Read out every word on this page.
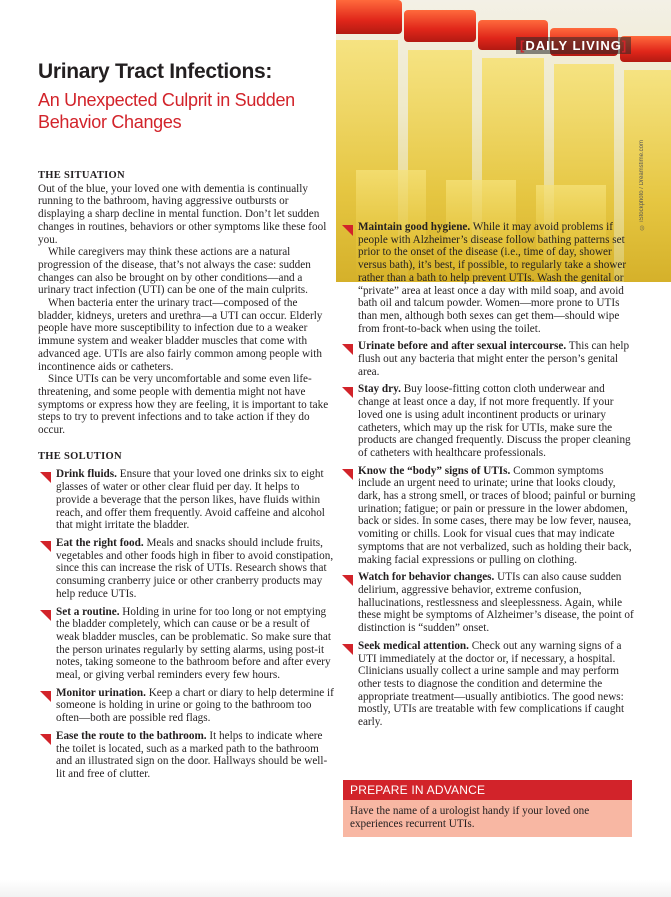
© iStockphoto / Dreamstime.com
[DAILY LIVING]
Urinary Tract Infections:
An Unexpected Culprit in Sudden Behavior Changes

THE SITUATION

Out of the blue, your loved one with dementia is continually running to the bathroom, having aggressive outbursts or displaying a sharp decline in mental function. Don’t let sudden changes in routines, behaviors or other symptoms like these fool you.

While caregivers may think these actions are a natural progression of the disease, that’s not always the case: sudden changes can also be brought on by other conditions—and a urinary tract infection (UTI) can be one of the main culprits.

When bacteria enter the urinary tract—composed of the bladder, kidneys, ureters and urethra—a UTI can occur. Elderly people have more susceptibility to infection due to a weaker immune system and weaker bladder muscles that come with advanced age. UTIs are also fairly common among people with incontinence aids or catheters.

Since UTIs can be very uncomfortable and some even life-threatening, and some people with dementia might not have symptoms or express how they are feeling, it is important to take steps to try to prevent infections and to take action if they do occur.

THE SOLUTION

Drink fluids. Ensure that your loved one drinks six to eight glasses of water or other clear fluid per day. It helps to provide a beverage that the person likes, have fluids within reach, and offer them frequently. Avoid caffeine and alcohol that might irritate the bladder.
Eat the right food. Meals and snacks should include fruits, vegetables and other foods high in fiber to avoid constipation, since this can increase the risk of UTIs. Research shows that consuming cranberry juice or other cranberry products may help reduce UTIs.
Set a routine. Holding in urine for too long or not emptying the bladder completely, which can cause or be a result of weak bladder muscles, can be problematic. So make sure that the person urinates regularly by setting alarms, using post-it notes, taking someone to the bathroom before and after every meal, or giving verbal reminders every few hours.
Monitor urination. Keep a chart or diary to help determine if someone is holding in urine or going to the bathroom too often—both are possible red flags.
Ease the route to the bathroom. It helps to indicate where the toilet is located, such as a marked path to the bathroom and an illustrated sign on the door. Hallways should be well-lit and free of clutter.
Maintain good hygiene. While it may avoid problems if people with Alzheimer’s disease follow bathing patterns set prior to the onset of the disease (i.e., time of day, shower versus bath), it’s best, if possible, to regularly take a shower rather than a bath to help prevent UTIs. Wash the genital or “private” area at least once a day with mild soap, and avoid bath oil and talcum powder. Women—more prone to UTIs than men, although both sexes can get them—should wipe from front-to-back when using the toilet.
Urinate before and after sexual intercourse. This can help flush out any bacteria that might enter the person’s genital area.
Stay dry. Buy loose-fitting cotton cloth underwear and change at least once a day, if not more frequently. If your loved one is using adult incontinent products or urinary catheters, which may up the risk for UTIs, make sure the products are changed frequently. Discuss the proper cleaning of catheters with healthcare professionals.
Know the “body” signs of UTIs. Common symptoms include an urgent need to urinate; urine that looks cloudy, dark, has a strong smell, or traces of blood; painful or burning urination; fatigue; or pain or pressure in the lower abdomen, back or sides. In some cases, there may be low fever, nausea, vomiting or chills. Look for visual cues that may indicate symptoms that are not verbalized, such as holding their back, making facial expressions or pulling on clothing.
Watch for behavior changes. UTIs can also cause sudden delirium, aggressive behavior, extreme confusion, hallucinations, restlessness and sleeplessness. Again, while these might be symptoms of Alzheimer’s disease, the point of distinction is “sudden” onset.
Seek medical attention. Check out any warning signs of a UTI immediately at the doctor or, if necessary, a hospital. Clinicians usually collect a urine sample and may perform other tests to diagnose the condition and determine the appropriate treatment—usually antibiotics. The good news: mostly, UTIs are treatable with few complications if caught early.
PREPARE IN ADVANCE
Have the name of a urologist handy if your loved one experiences recurrent UTIs.
